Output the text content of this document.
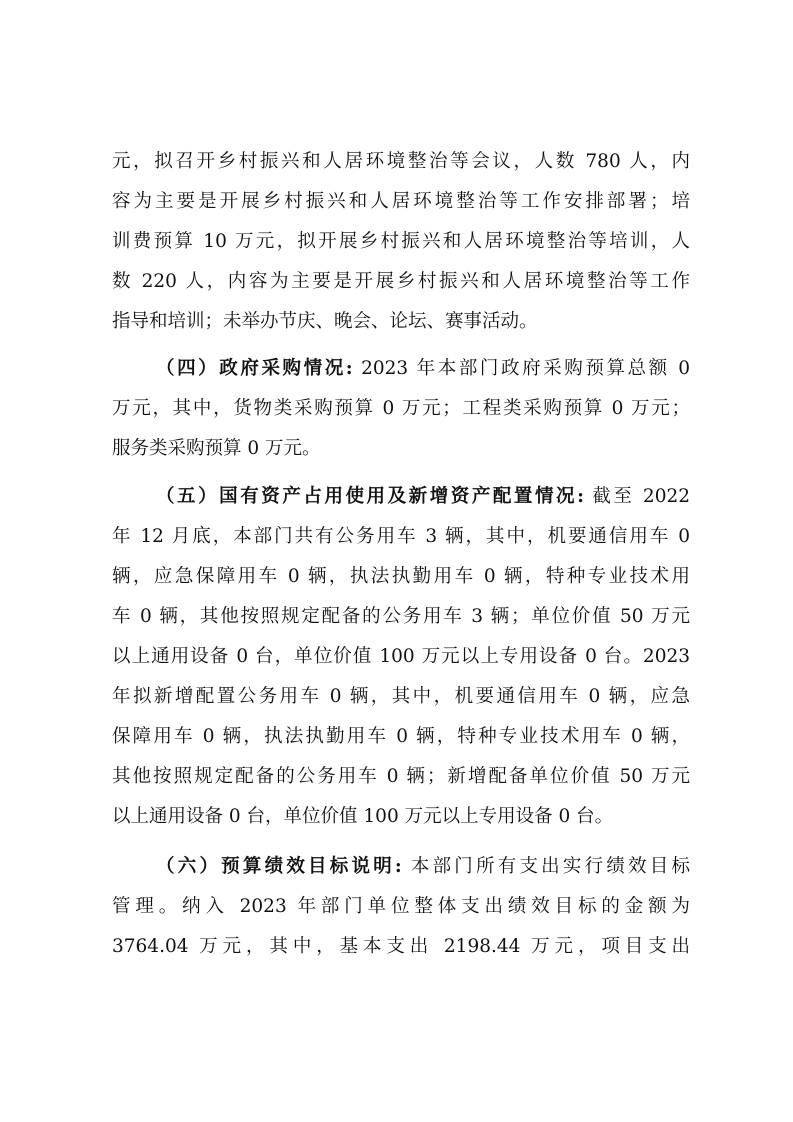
元，拟召开乡村振兴和人居环境整治等会议，人数 780 人，内
容为主要是开展乡村振兴和人居环境整治等工作安排部署；培
训费预算 10 万元，拟开展乡村振兴和人居环境整治等培训，人
数 220 人，内容为主要是开展乡村振兴和人居环境整治等工作
指导和培训；未举办节庆、晚会、论坛、赛事活动。
（四）政府采购情况: 2023 年本部门政府采购预算总额 0
万元，其中，货物类采购预算 0 万元；工程类采购预算 0 万元；
服务类采购预算 0 万元。
（五）国有资产占用使用及新增资产配置情况: 截至 2022
年 12 月底，本部门共有公务用车 3 辆，其中，机要通信用车 0
辆，应急保障用车 0 辆，执法执勤用车 0 辆，特种专业技术用
车 0 辆，其他按照规定配备的公务用车 3 辆；单位价值 50 万元
以上通用设备 0 台，单位价值 100 万元以上专用设备 0 台。2023
年拟新增配置公务用车 0 辆，其中，机要通信用车 0 辆，应急
保障用车 0 辆，执法执勤用车 0 辆，特种专业技术用车 0 辆，
其他按照规定配备的公务用车 0 辆；新增配备单位价值 50 万元
以上通用设备 0 台，单位价值 100 万元以上专用设备 0 台。
（六）预算绩效目标说明: 本部门所有支出实行绩效目标
管理。纳入 2023 年部门单位整体支出绩效目标的金额为
3764.04 万元，其中，基本支出 2198.44 万元，项目支出
